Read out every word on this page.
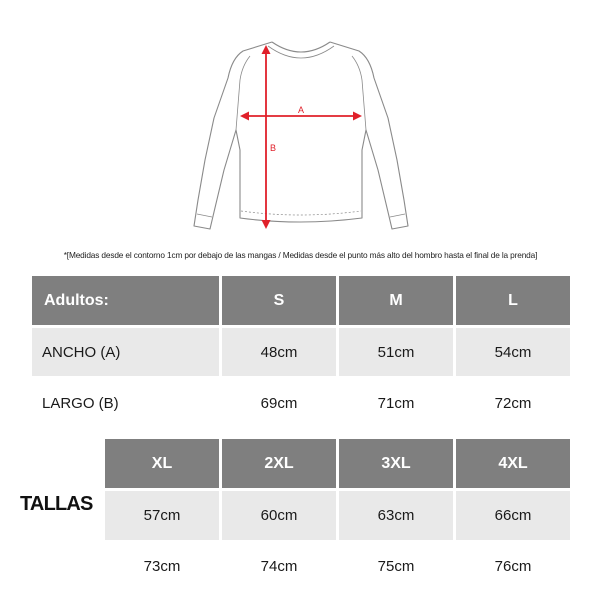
A
B
*[Medidas desde el contorno 1cm por debajo de las mangas / Medidas desde el punto más alto del hombro hasta el final de la prenda]
Adultos:	S	M	L
ANCHO (A)	48cm	51cm	54cm
LARGO (B)	69cm	71cm	72cm
TALLAS
XL	2XL	3XL	4XL
57cm	60cm	63cm	66cm
73cm	74cm	75cm	76cm
